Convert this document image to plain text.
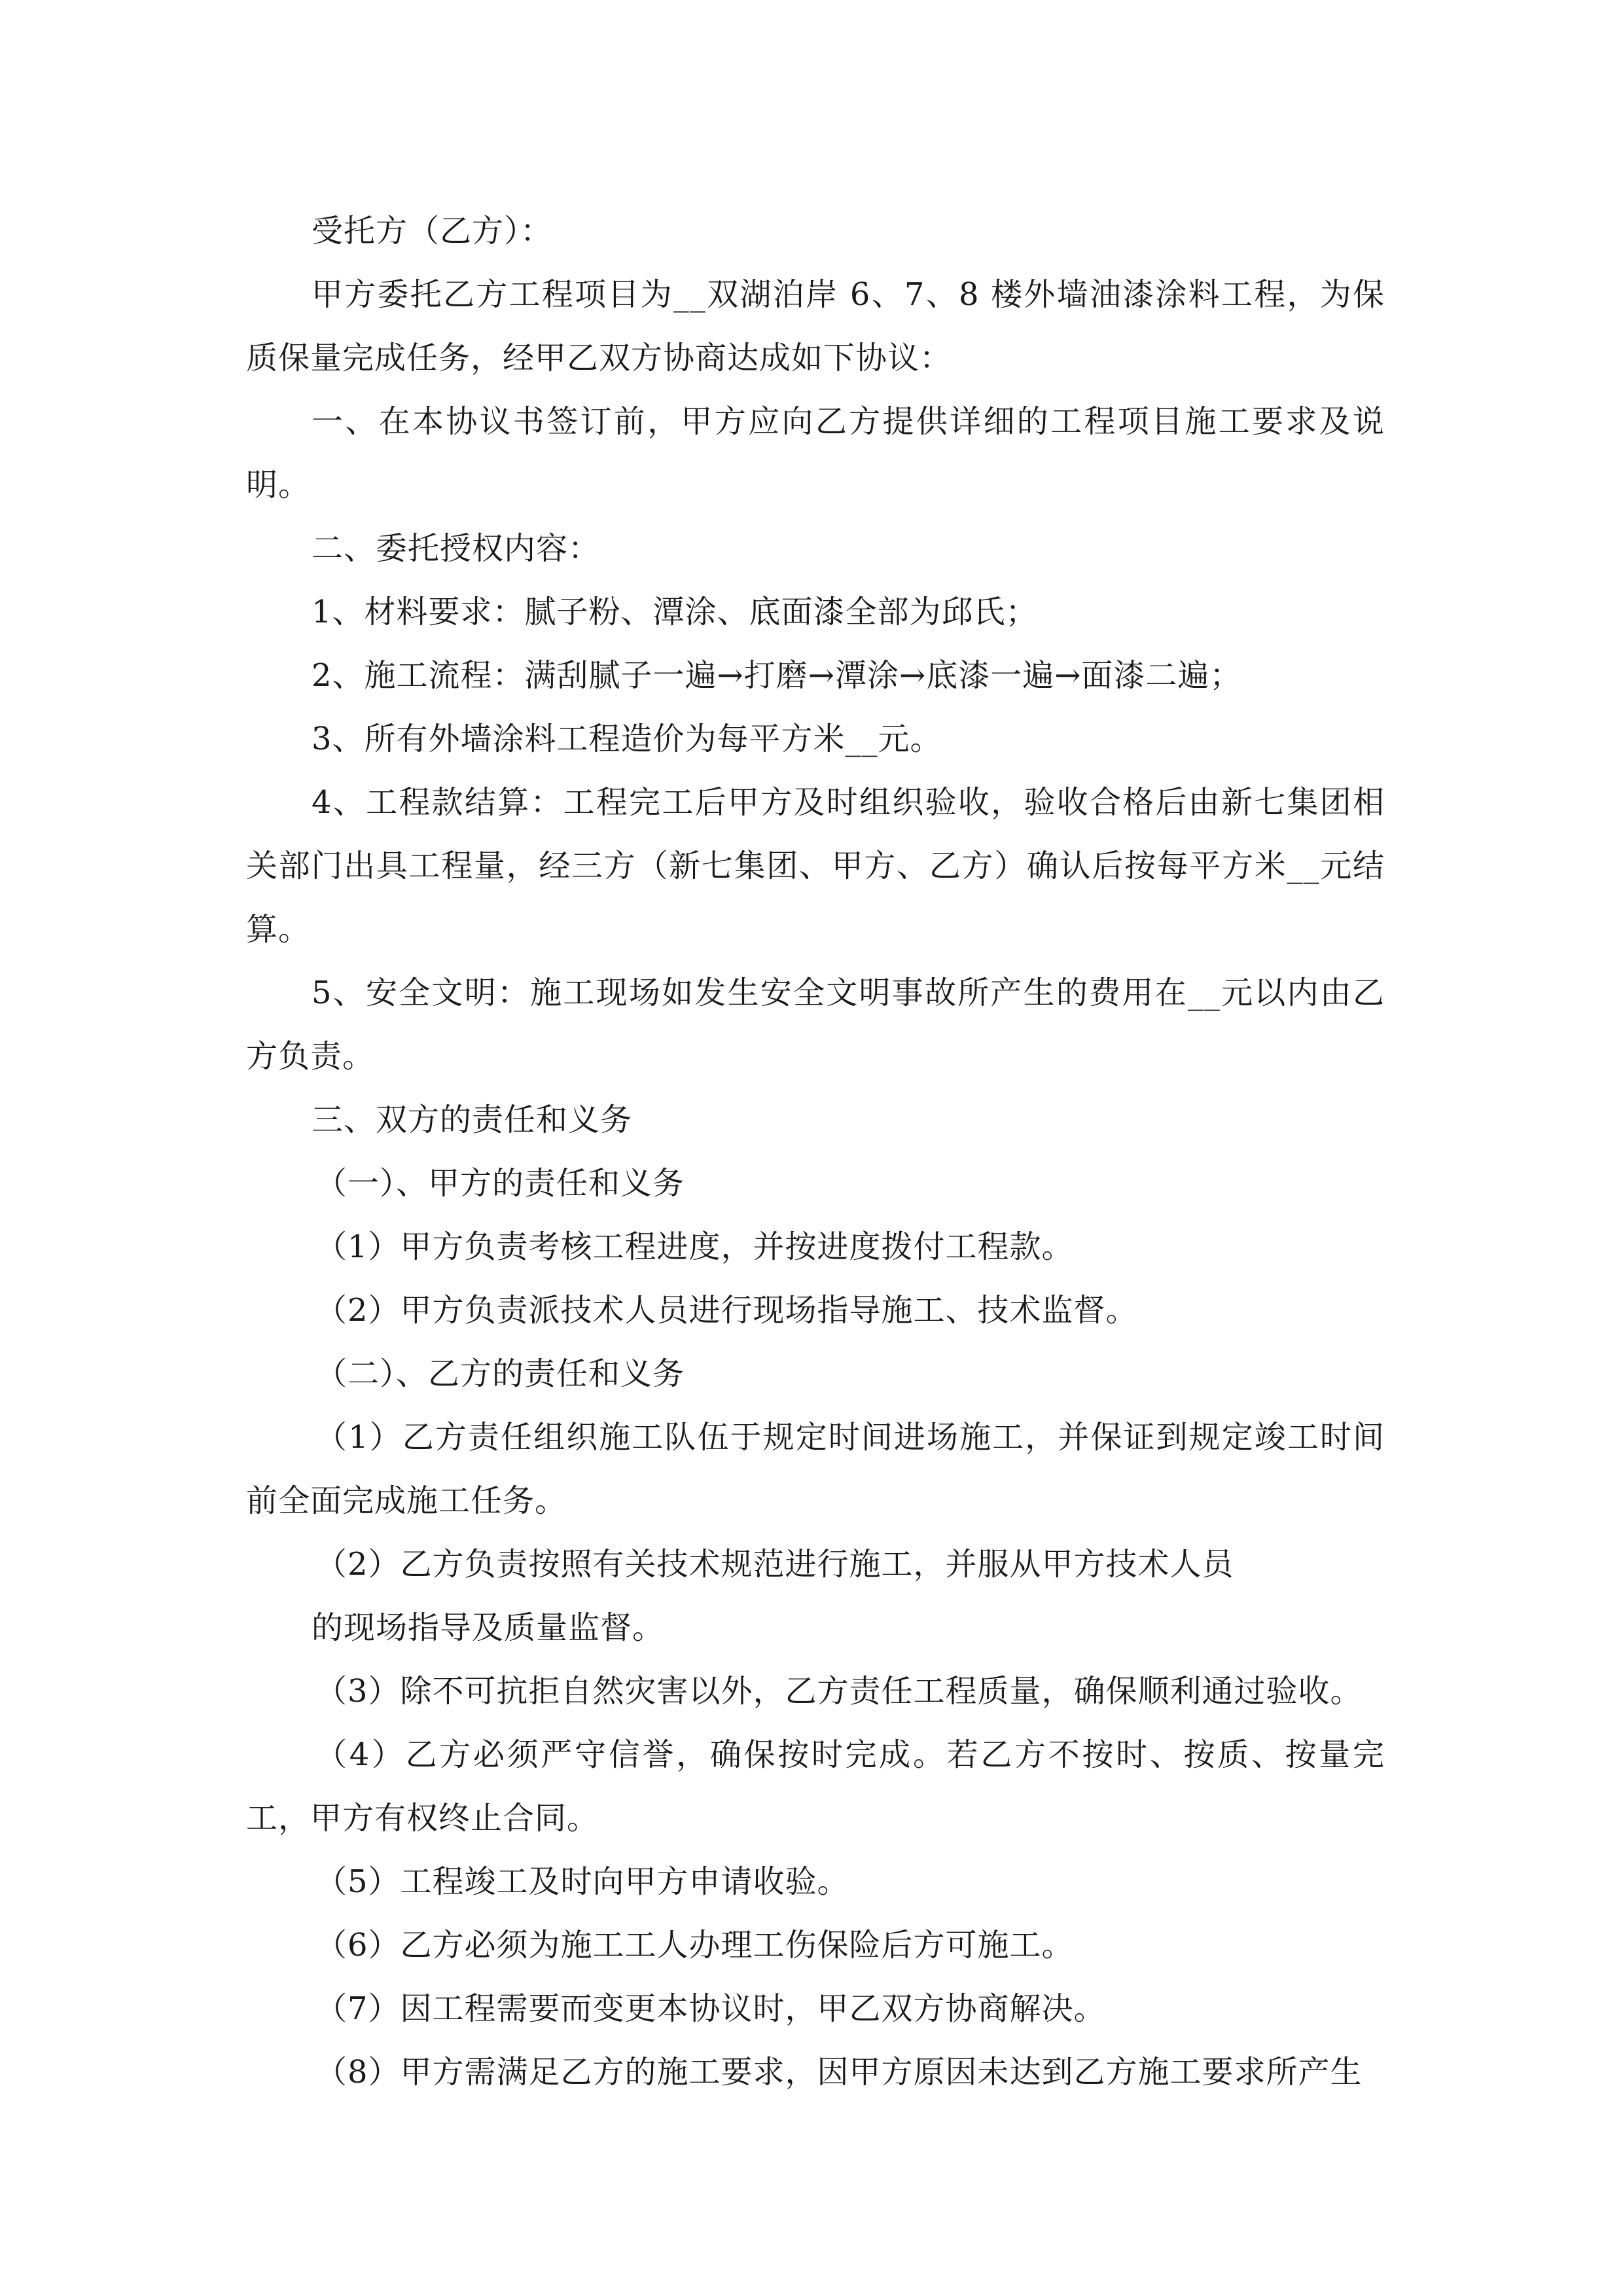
受托方（乙方）：

甲方委托乙方工程项目为__双湖泊岸 6、7、8 楼外墙油漆涂料工程，为保质保量完成任务，经甲乙双方协商达成如下协议：

一、在本协议书签订前，甲方应向乙方提供详细的工程项目施工要求及说明。

二、委托授权内容：

1、材料要求：腻子粉、潭涂、底面漆全部为邱氏；

2、施工流程：满刮腻子一遍→打磨→潭涂→底漆一遍→面漆二遍；

3、所有外墙涂料工程造价为每平方米__元。

4、工程款结算：工程完工后甲方及时组织验收，验收合格后由新七集团相关部门出具工程量，经三方（新七集团、甲方、乙方）确认后按每平方米__元结算。

5、安全文明：施工现场如发生安全文明事故所产生的费用在__元以内由乙方负责。

三、双方的责任和义务

（一）、甲方的责任和义务

（1）甲方负责考核工程进度，并按进度拨付工程款。

（2）甲方负责派技术人员进行现场指导施工、技术监督。

（二）、乙方的责任和义务

（1）乙方责任组织施工队伍于规定时间进场施工，并保证到规定竣工时间前全面完成施工任务。

（2）乙方负责按照有关技术规范进行施工，并服从甲方技术人员

的现场指导及质量监督。

（3）除不可抗拒自然灾害以外，乙方责任工程质量，确保顺利通过验收。

（4）乙方必须严守信誉，确保按时完成。若乙方不按时、按质、按量完工，甲方有权终止合同。

（5）工程竣工及时向甲方申请收验。

（6）乙方必须为施工工人办理工伤保险后方可施工。

（7）因工程需要而变更本协议时，甲乙双方协商解决。

（8）甲方需满足乙方的施工要求，因甲方原因未达到乙方施工要求所产生
